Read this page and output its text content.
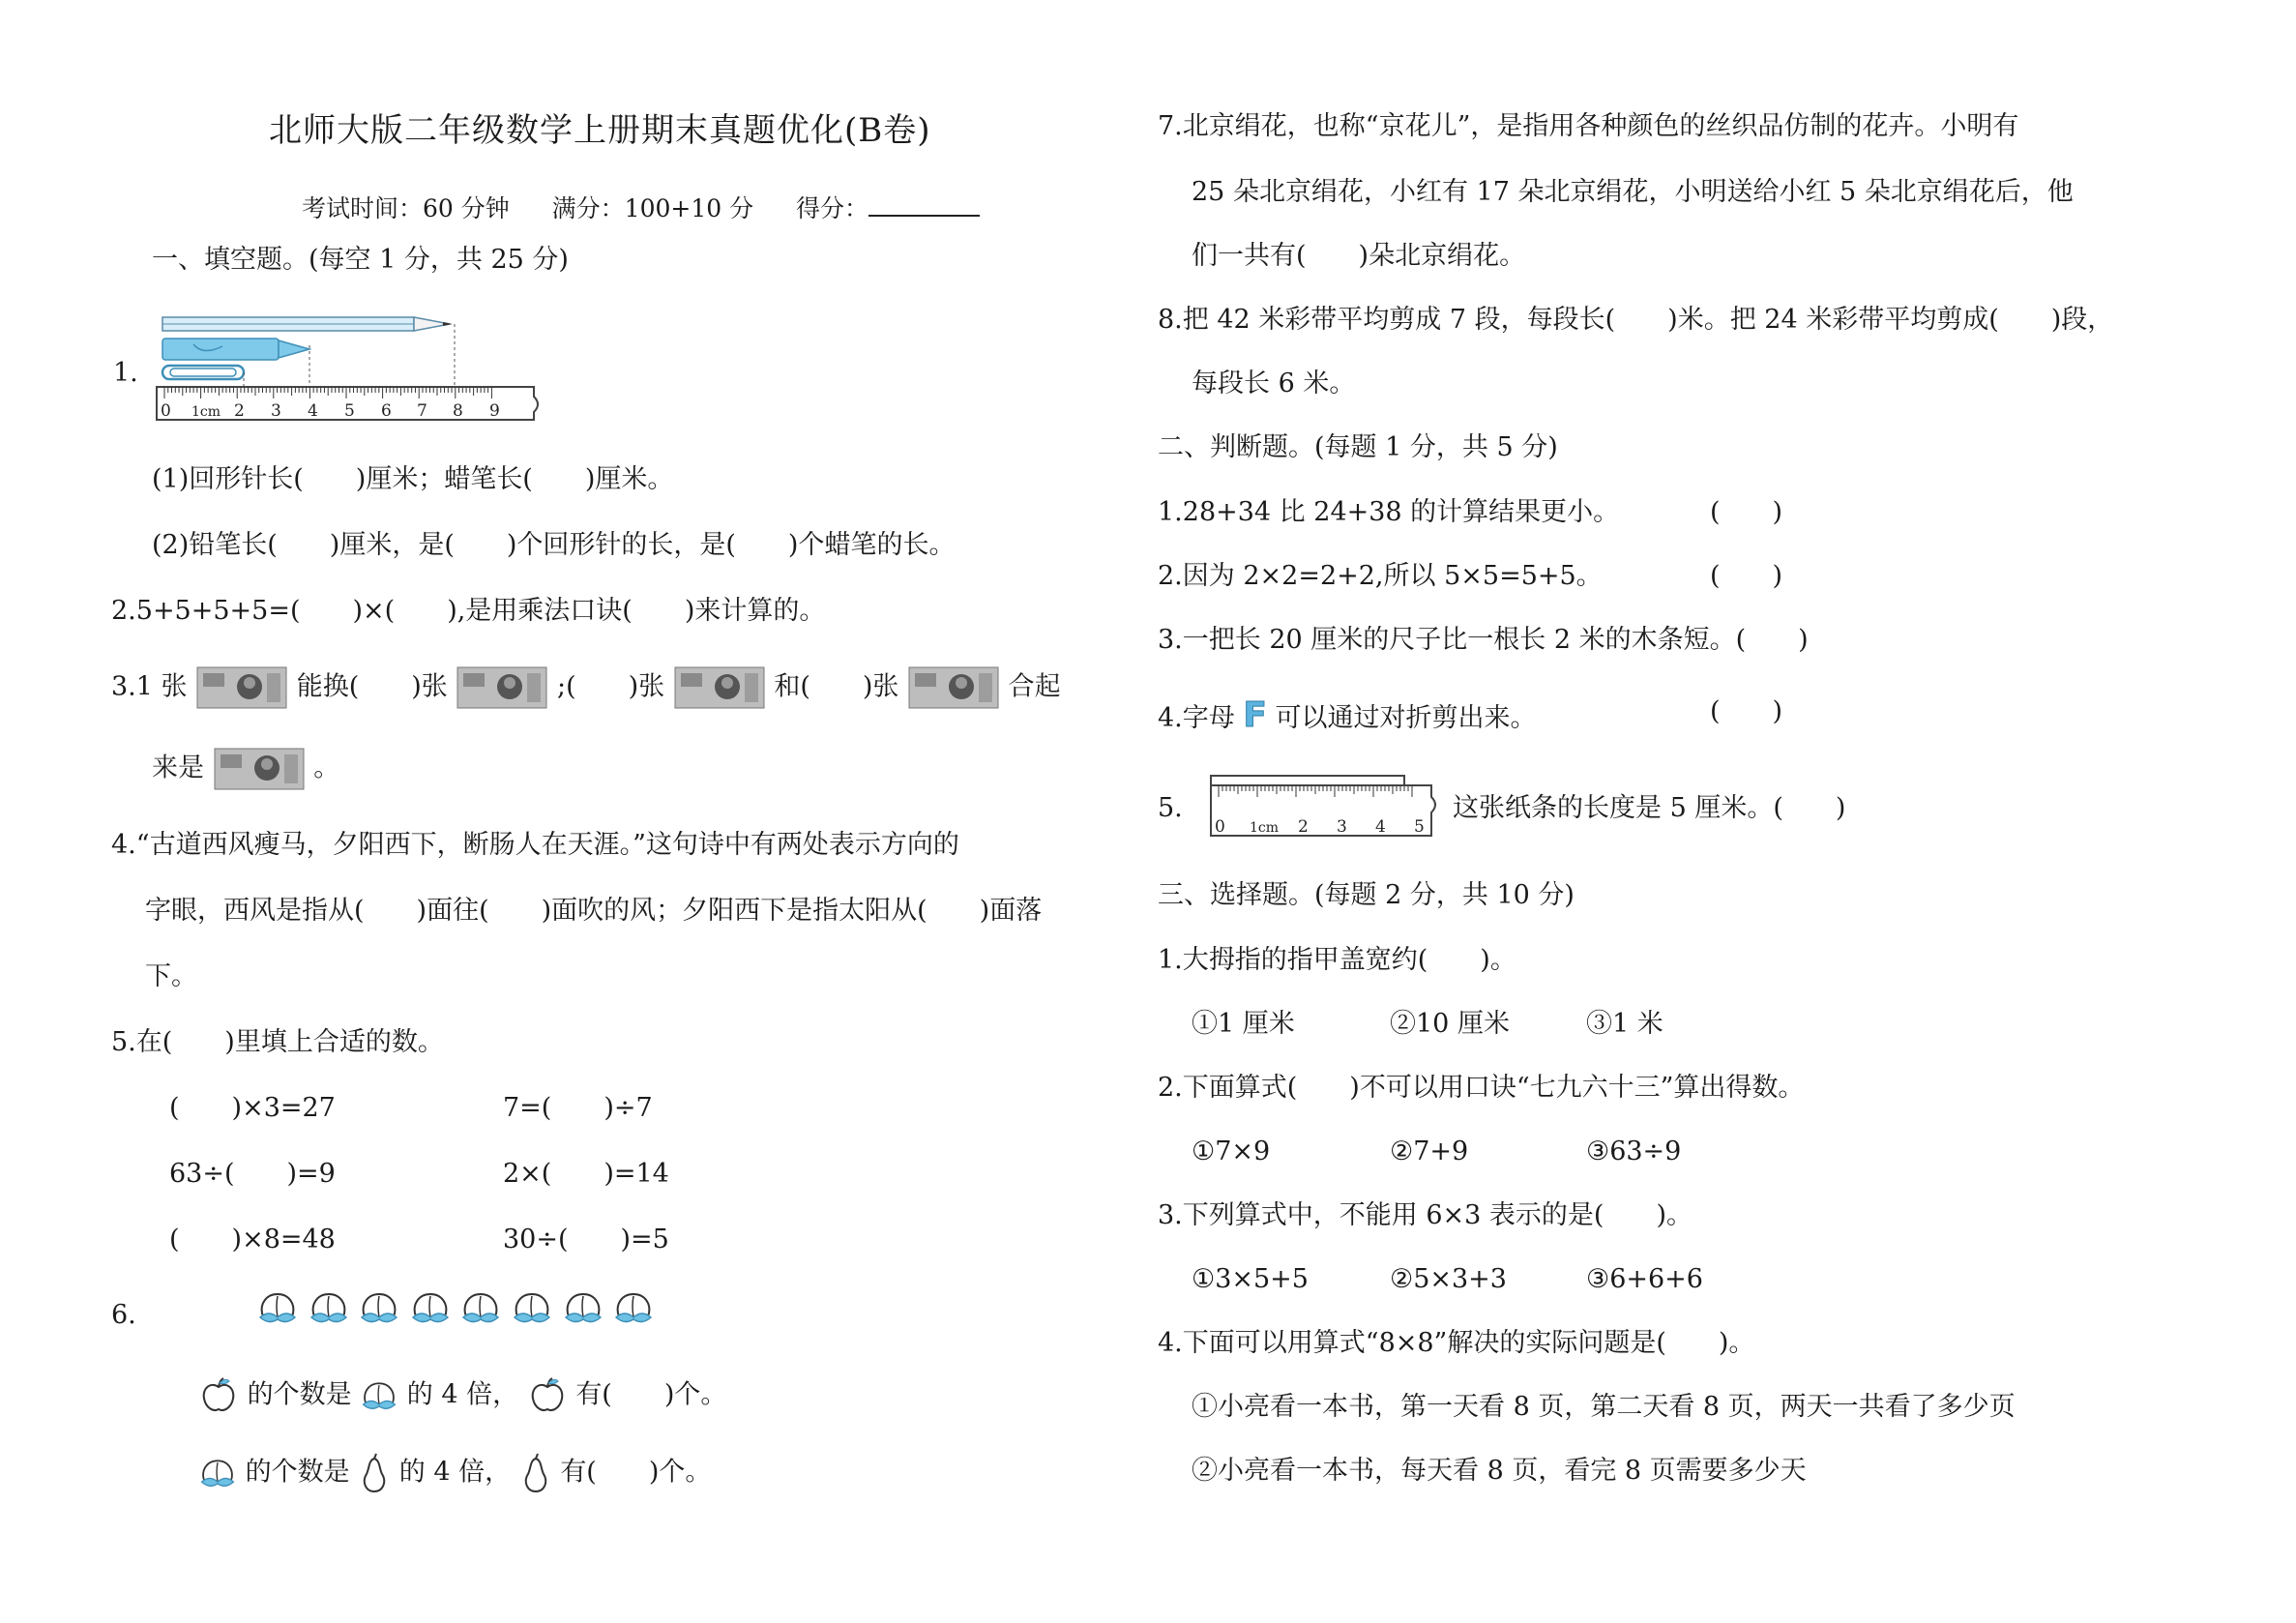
北师大版二年级数学上册期末真题优化(B卷)
考试时间：60 分钟 满分：100+10 分 得分：
一、填空题。(每空 1 分，共 25 分)
1.
0 1cm 2 3 4 5 6 7 8 9
(1)回形针长(　　)厘米；蜡笔长(　　)厘米。
(2)铅笔长(　　)厘米，是(　　)个回形针的长，是(　　)个蜡笔的长。
2.5+5+5+5=(　　)×(　　),是用乘法口诀(　　)来计算的。
3.1 张	能换(　　)张	;(　　)张	和(　　)张	合起
来是	。
4.“古道西风瘦马，夕阳西下，断肠人在天涯。”这句诗中有两处表示方向的
字眼，西风是指从(　　)面往(　　)面吹的风；夕阳西下是指太阳从(　　)面落
下。
5.在(　　)里填上合适的数。
(　　)×3=27	7=(　　)÷7
63÷(　　)=9	2×(　　)=14
(　　)×8=48	30÷(　　)=5
6.

的个数是 的 4 倍， 有(　　)个。
的个数是 的 4 倍， 有(　　)个。
7.北京绢花，也称“京花儿”，是指用各种颜色的丝织品仿制的花卉。小明有
25 朵北京绢花，小红有 17 朵北京绢花，小明送给小红 5 朵北京绢花后，他
们一共有(　　)朵北京绢花。
8.把 42 米彩带平均剪成 7 段，每段长(　　)米。把 24 米彩带平均剪成(　　)段，
每段长 6 米。
二、判断题。(每题 1 分，共 5 分)
1.28+34 比 24+38 的计算结果更小。	(　　)
2.因为 2×2=2+2,所以 5×5=5+5。	(　　)
3.一把长 20 厘米的尺子比一根长 2 米的木条短。(　　)
4.字母 F 可以通过对折剪出来。	(　　)
5.
0 1cm 2 3 4 5
这张纸条的长度是 5 厘米。(　　)
三、选择题。(每题 2 分，共 10 分)
1.大拇指的指甲盖宽约(　　)。
①1 厘米	②10 厘米	③1 米
2.下面算式(　　)不可以用口诀“七九六十三”算出得数。
①7×9	②7+9	③63÷9
3.下列算式中，不能用 6×3 表示的是(　　)。
①3×5+5	②5×3+3	③6+6+6
4.下面可以用算式“8×8”解决的实际问题是(　　)。
①小亮看一本书，第一天看 8 页，第二天看 8 页，两天一共看了多少页
②小亮看一本书，每天看 8 页，看完 8 页需要多少天
